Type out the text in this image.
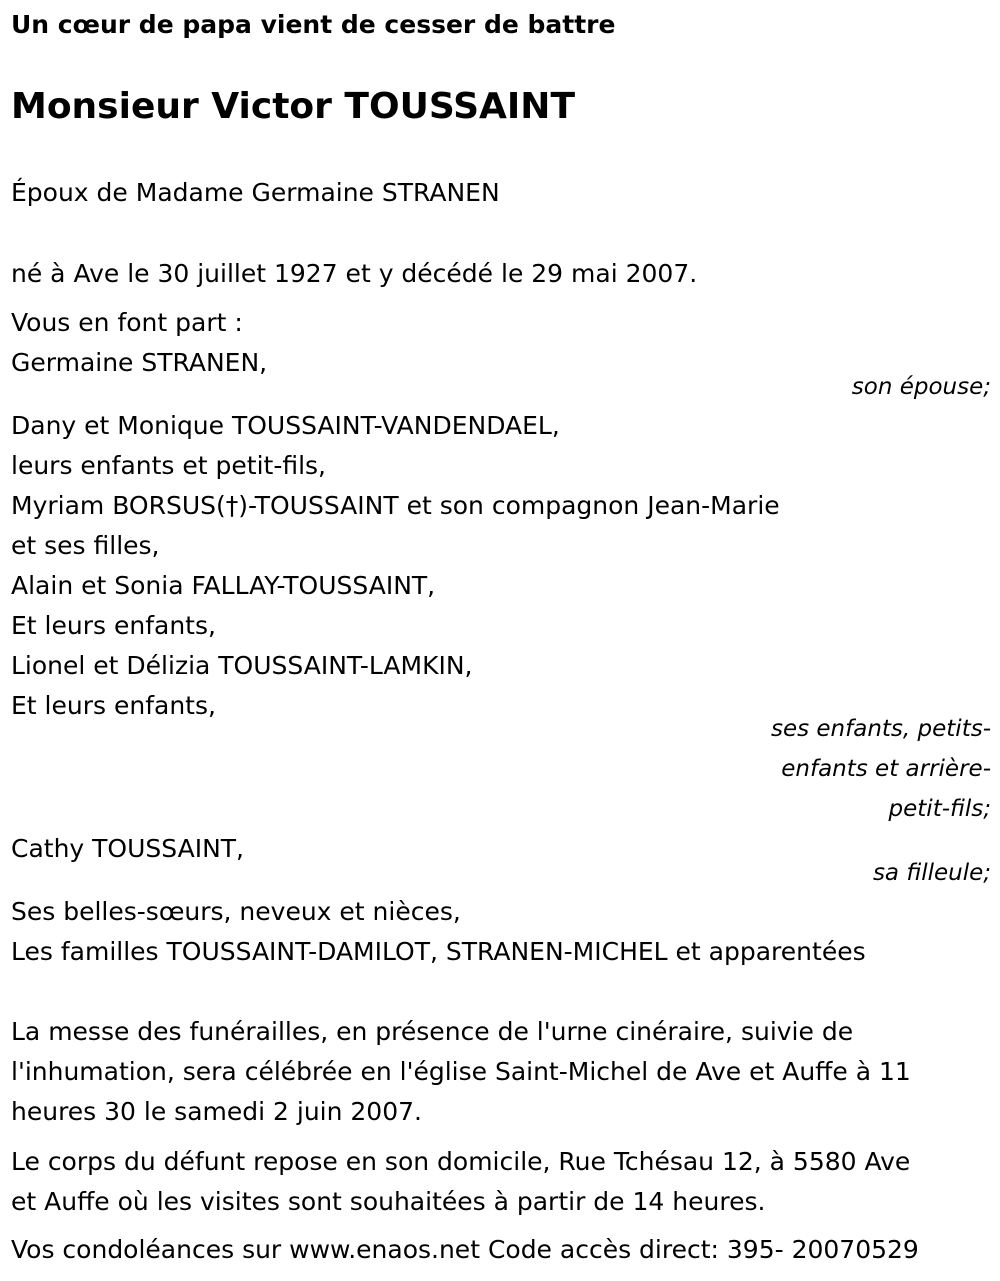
Un cœur de papa vient de cesser de battre
Monsieur Victor TOUSSAINT
Époux de Madame Germaine STRANEN
né à Ave le 30 juillet 1927 et y décédé le 29 mai 2007.
Vous en font part :
Germaine STRANEN,
son épouse;
Dany et Monique TOUSSAINT-VANDENDAEL,
leurs enfants et petit-fils,
Myriam BORSUS(†)-TOUSSAINT et son compagnon Jean-Marie
et ses filles,
Alain et Sonia FALLAY-TOUSSAINT,
Et leurs enfants,
Lionel et Délizia TOUSSAINT-LAMKIN,
Et leurs enfants,
ses enfants, petits-
enfants et arrière-
petit-fils;
Cathy TOUSSAINT,
sa filleule;
Ses belles-sœurs, neveux et nièces,
Les familles TOUSSAINT-DAMILOT, STRANEN-MICHEL et apparentées
La messe des funérailles, en présence de l'urne cinéraire, suivie de
l'inhumation, sera célébrée en l'église Saint-Michel de Ave et Auffe à 11
heures 30 le samedi 2 juin 2007.
Le corps du défunt repose en son domicile, Rue Tchésau 12, à 5580 Ave
et Auffe où les visites sont souhaitées à partir de 14 heures.
Vos condoléances sur www.enaos.net Code accès direct: 395- 20070529
